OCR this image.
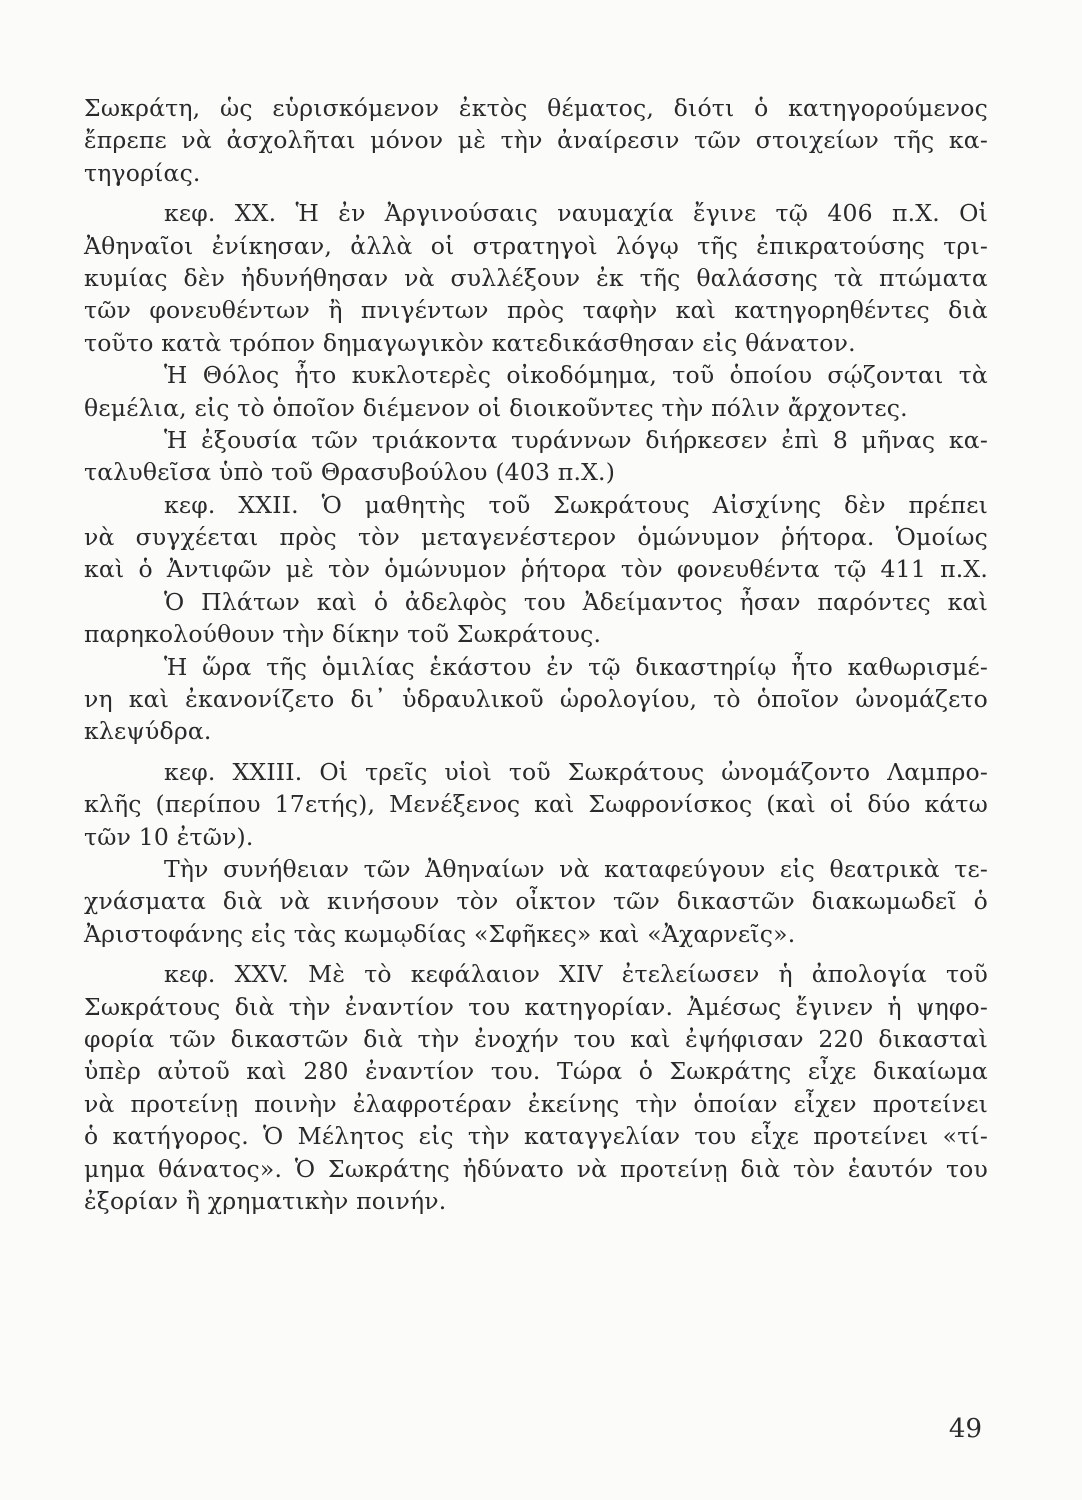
Σωκράτη, ὡς εὑρισκόμενον ἐκτὸς θέματος, διότι ὁ κατηγορούμενος
ἔπρεπε νὰ ἀσχολῆται μόνον μὲ τὴν ἀναίρεσιν τῶν στοιχείων τῆς κα-
τηγορίας.
κεφ. ΧΧ. Ἡ ἐν Ἀργινούσαις ναυμαχία ἔγινε τῷ 406 π.Χ. Οἱ
Ἀθηναῖοι ἐνίκησαν, ἀλλὰ οἱ στρατηγοὶ λόγῳ τῆς ἐπικρατούσης τρι-
κυμίας δὲν ἠδυνήθησαν νὰ συλλέξουν ἐκ τῆς θαλάσσης τὰ πτώματα
τῶν φονευθέντων ἢ πνιγέντων πρὸς ταφὴν καὶ κατηγορηθέντες διὰ
τοῦτο κατὰ τρόπον δημαγωγικὸν κατεδικάσθησαν εἰς θάνατον.
Ἡ Θόλος ἦτο κυκλοτερὲς οἰκοδόμημα, τοῦ ὁποίου σῴζονται τὰ
θεμέλια, εἰς τὸ ὁποῖον διέμενον οἱ διοικοῦντες τὴν πόλιν ἄρχοντες.
Ἡ ἐξουσία τῶν τριάκοντα τυράννων διήρκεσεν ἐπὶ 8 μῆνας κα-
ταλυθεῖσα ὑπὸ τοῦ Θρασυβούλου (403 π.Χ.)
κεφ. ΧΧΙΙ. Ὁ μαθητὴς τοῦ Σωκράτους Αἰσχίνης δὲν πρέπει
νὰ συγχέεται πρὸς τὸν μεταγενέστερον ὁμώνυμον ῥήτορα. Ὁμοίως
καὶ ὁ Ἀντιφῶν μὲ τὸν ὁμώνυμον ῥήτορα τὸν φονευθέντα τῷ 411 π.Χ.
Ὁ Πλάτων καὶ ὁ ἀδελφὸς του Ἀδείμαντος ἦσαν παρόντες καὶ
παρηκολούθουν τὴν δίκην τοῦ Σωκράτους.
Ἡ ὥρα τῆς ὁμιλίας ἑκάστου ἐν τῷ δικαστηρίῳ ἦτο καθωρισμέ-
νη καὶ ἐκανονίζετο δι᾽ ὑδραυλικοῦ ὡρολογίου, τὸ ὁποῖον ὠνομάζετο
κλεψύδρα.
κεφ. ΧΧΙΙΙ. Οἱ τρεῖς υἱοὶ τοῦ Σωκράτους ὠνομάζοντο Λαμπρο-
κλῆς (περίπου 17ετής), Μενέξενος καὶ Σωφρονίσκος (καὶ οἱ δύο κάτω
τῶν 10 ἐτῶν).
Τὴν συνήθειαν τῶν Ἀθηναίων νὰ καταφεύγουν εἰς θεατρικὰ τε-
χνάσματα διὰ νὰ κινήσουν τὸν οἶκτον τῶν δικαστῶν διακωμωδεῖ ὁ
Ἀριστοφάνης εἰς τὰς κωμῳδίας «Σφῆκες» καὶ «Ἀχαρνεῖς».
κεφ. ΧΧV. Μὲ τὸ κεφάλαιον ΧΙV ἐτελείωσεν ἡ ἀπολογία τοῦ
Σωκράτους διὰ τὴν ἐναντίον του κατηγορίαν. Ἀμέσως ἔγινεν ἡ ψηφο-
φορία τῶν δικαστῶν διὰ τὴν ἐνοχήν του καὶ ἐψήφισαν 220 δικασταὶ
ὑπὲρ αὐτοῦ καὶ 280 ἐναντίον του. Τώρα ὁ Σωκράτης εἶχε δικαίωμα
νὰ προτείνῃ ποινὴν ἐλαφροτέραν ἐκείνης τὴν ὁποίαν εἶχεν προτείνει
ὁ κατήγορος. Ὁ Μέλητος εἰς τὴν καταγγελίαν του εἶχε προτείνει «τί-
μημα θάνατος». Ὁ Σωκράτης ἠδύνατο νὰ προτείνῃ διὰ τὸν ἑαυτόν του
ἐξορίαν ἢ χρηματικὴν ποινήν.
49
